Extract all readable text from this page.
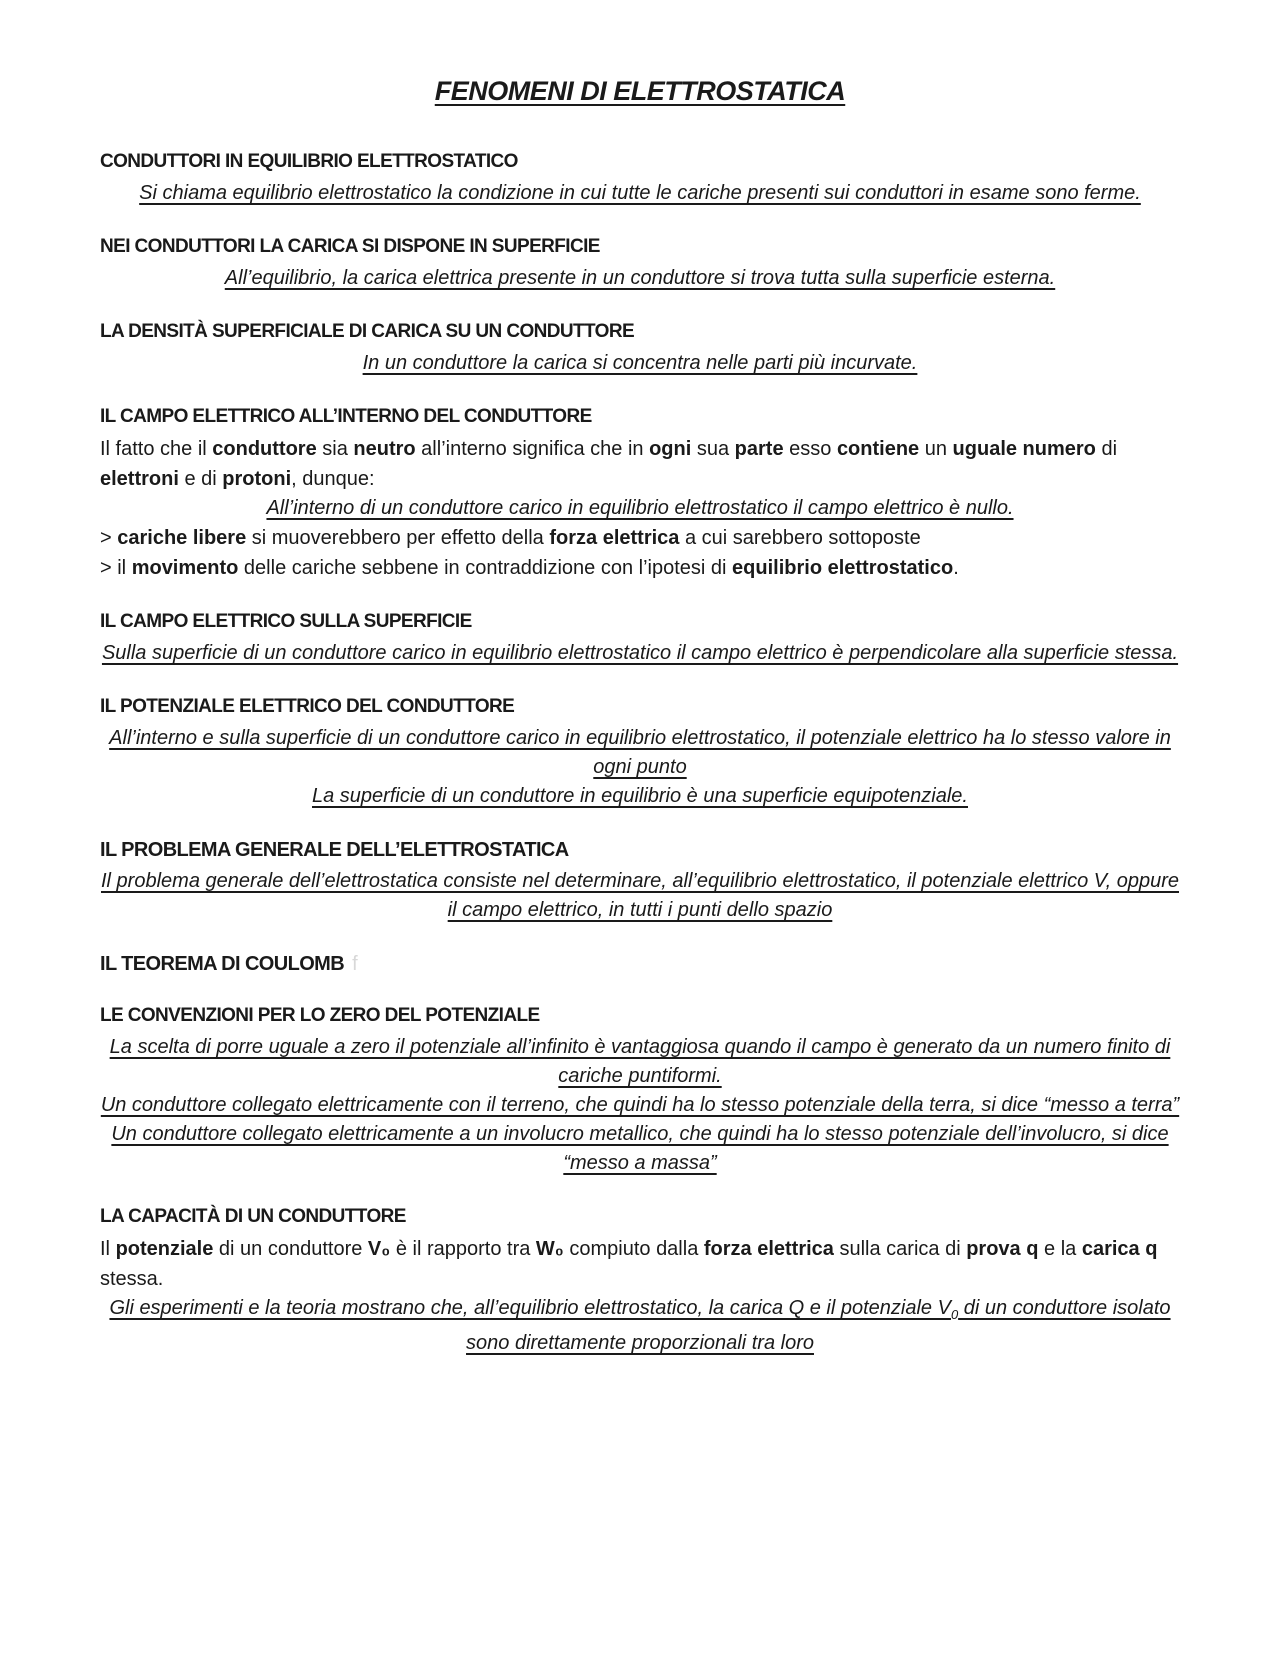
FENOMENI DI ELETTROSTATICA
CONDUTTORI IN EQUILIBRIO ELETTROSTATICO

Si chiama equilibrio elettrostatico la condizione in cui tutte le cariche presenti sui conduttori in esame sono ferme.

NEI CONDUTTORI LA CARICA SI DISPONE IN SUPERFICIE

All’equilibrio, la carica elettrica presente in un conduttore si trova tutta sulla superficie esterna.

LA DENSITÀ SUPERFICIALE DI CARICA SU UN CONDUTTORE

In un conduttore la carica si concentra nelle parti più incurvate.

IL CAMPO ELETTRICO ALL’INTERNO DEL CONDUTTORE

Il fatto che il conduttore sia neutro all’interno significa che in ogni sua parte esso contiene un uguale numero di elettroni e di protoni, dunque:

All’interno di un conduttore carico in equilibrio elettrostatico il campo elettrico è nullo.

> cariche libere si muoverebbero per effetto della forza elettrica a cui sarebbero sottoposte

> il movimento delle cariche sebbene in contraddizione con l’ipotesi di equilibrio elettrostatico.

IL CAMPO ELETTRICO SULLA SUPERFICIE

Sulla superficie di un conduttore carico in equilibrio elettrostatico il campo elettrico è perpendicolare alla superficie stessa.

IL POTENZIALE ELETTRICO DEL CONDUTTORE

All’interno e sulla superficie di un conduttore carico in equilibrio elettrostatico, il potenziale elettrico ha lo stesso valore in ogni punto

La superficie di un conduttore in equilibrio è una superficie equipotenziale.

IL PROBLEMA GENERALE DELL’ELETTROSTATICA

Il problema generale dell’elettrostatica consiste nel determinare, all’equilibrio elettrostatico, il potenziale elettrico V, oppure il campo elettrico, in tutti i punti dello spazio

IL TEOREMA DI COULOMB f
LE CONVENZIONI PER LO ZERO DEL POTENZIALE

La scelta di porre uguale a zero il potenziale all’infinito è vantaggiosa quando il campo è generato da un numero finito di cariche puntiformi.

Un conduttore collegato elettricamente con il terreno, che quindi ha lo stesso potenziale della terra, si dice “messo a terra”

Un conduttore collegato elettricamente a un involucro metallico, che quindi ha lo stesso potenziale dell’involucro, si dice “messo a massa”

LA CAPACITÀ DI UN CONDUTTORE

Il potenziale di un conduttore V₀ è il rapporto tra W₀ compiuto dalla forza elettrica sulla carica di prova q e la carica q stessa.

Gli esperimenti e la teoria mostrano che, all’equilibrio elettrostatico, la carica Q e il potenziale $V_0$ di un conduttore isolato sono direttamente proporzionali tra loro
